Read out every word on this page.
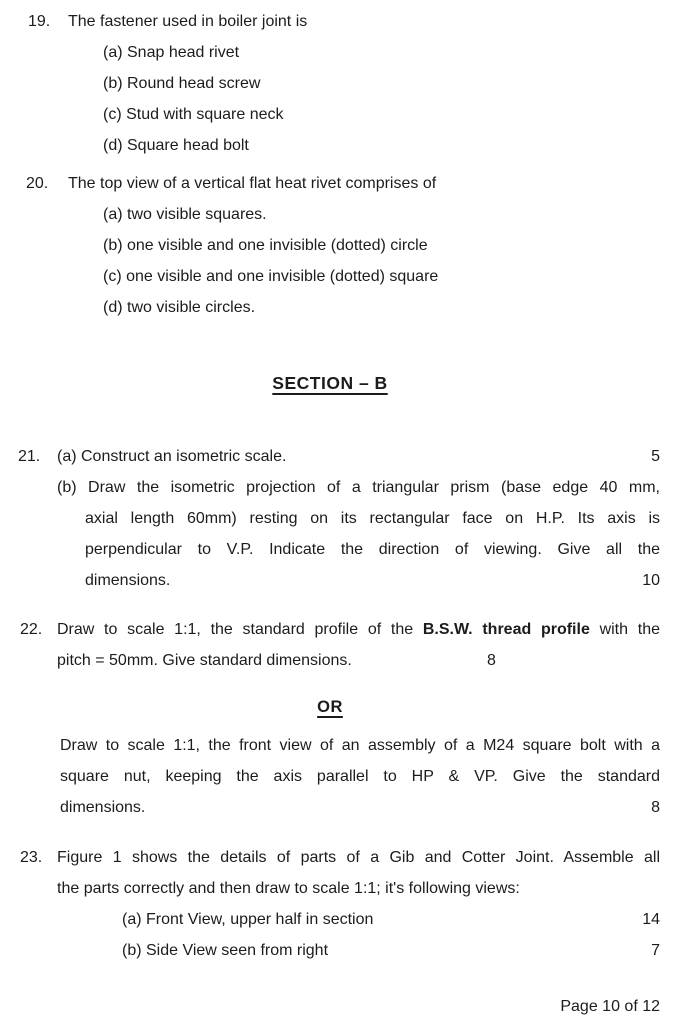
19.	The fastener used in boiler joint is
(a) Snap head rivet
(b) Round head screw
(c) Stud with square neck
(d) Square head bolt
20.	The top view of a vertical flat heat rivet comprises of
(a) two visible squares.
(b) one visible and one invisible (dotted) circle
(c) one visible and one invisible (dotted) square
(d) two visible circles.
SECTION – B
21.	(a) Construct an isometric scale.	5
(b) Draw the isometric projection of a triangular prism (base edge 40 mm,
axial length 60mm) resting on its rectangular face on H.P. Its axis is
perpendicular to V.P. Indicate the direction of viewing. Give all the
dimensions.	10
22. Draw to scale 1:1, the standard profile of the B.S.W. thread profile with the
pitch = 50mm. Give standard dimensions.	8
OR
Draw to scale 1:1, the front view of an assembly of a M24 square bolt with a
square nut, keeping the axis parallel to HP & VP. Give the standard
dimensions.	8
23. Figure 1 shows the details of parts of a Gib and Cotter Joint. Assemble all
the parts correctly and then draw to scale 1:1; it's following views:
(a) Front View, upper half in section	14
(b) Side View seen from right	7
Page 10 of 12
